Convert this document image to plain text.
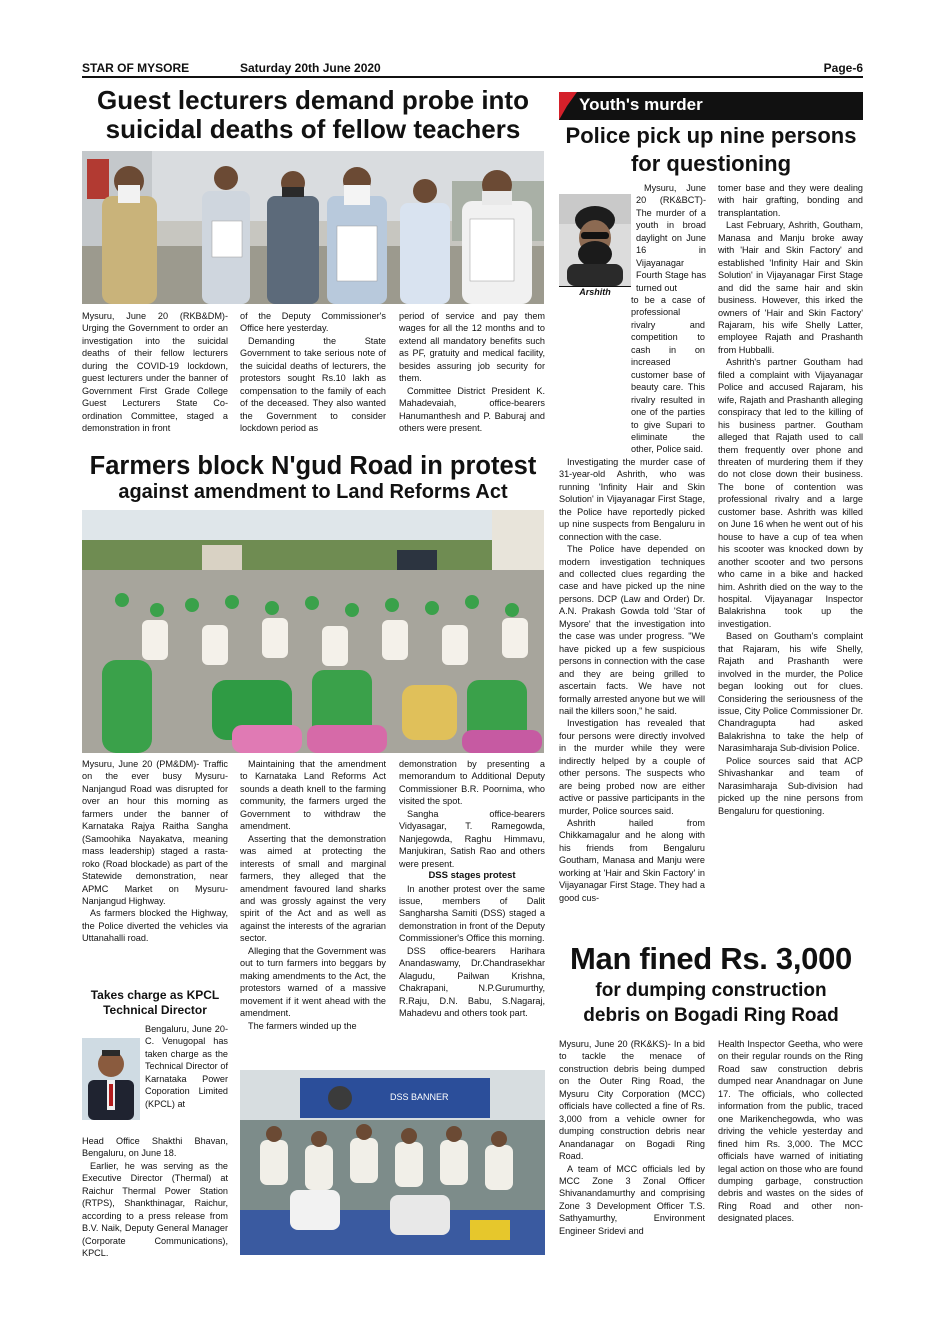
STAR OF MYSORE	Saturday 20th June 2020	Page-6
Guest lecturers demand probe into
suicidal deaths of fellow teachers

Mysuru, June 20 (RKB&DM)- Urging the Government to order an investigation into the suicidal deaths of their fellow lecturers during the COVID-19 lockdown, guest lecturers under the banner of Government First Grade College Guest Lecturers State Co-ordination Committee, staged a demonstration in front

of the Deputy Commissioner's Office here yesterday.

Demanding the State Government to take serious note of the suicidal deaths of lecturers, the protestors sought Rs.10 lakh as compensation to the family of each of the deceased. They also wanted the Government to consider lockdown period as

period of service and pay them wages for all the 12 months and to extend all mandatory benefits such as PF, gratuity and medical facility, besides assuring job security for them.

Committee District President K. Mahadevaiah, office-bearers Hanumanthesh and P. Baburaj and others were present.

Farmers block N'gud Road in protest
against amendment to Land Reforms Act

Mysuru, June 20 (PM&DM)- Traffic on the ever busy Mysuru-Nanjangud Road was disrupted for over an hour this morning as farmers under the banner of Karnataka Rajya Raitha Sangha (Samoohika Nayakatva, meaning mass leadership) staged a rasta-roko (Road blockade) as part of the Statewide demonstration, near APMC Market on Mysuru-Nanjangud Highway.

As farmers blocked the Highway, the Police diverted the vehicles via Uttanahalli road.

Maintaining that the amendment to Karnataka Land Reforms Act sounds a death knell to the farming community, the farmers urged the Government to withdraw the amendment.

Asserting that the demonstration was aimed at protecting the interests of small and marginal farmers, they alleged that the amendment favoured land sharks and was grossly against the very spirit of the Act and as well as against the interests of the agrarian sector.

Alleging that the Government was out to turn farmers into beggars by making amendments to the Act, the protestors warned of a massive movement if it went ahead with the amendment.

The farmers winded up the

demonstration by presenting a memorandum to Additional Deputy Commissioner B.R. Poornima, who visited the spot.

Sangha office-bearers Vidyasagar, T. Ramegowda, Nanjegowda, Raghu Himmavu, Manjukiran, Satish Rao and others were present.

DSS stages protest

In another protest over the same issue, members of Dalit Sangharsha Samiti (DSS) staged a demonstration in front of the Deputy Commissioner's Office this morning.

DSS office-bearers Harihara Anandaswamy, Dr.Chandrasekhar Alagudu, Pailwan Krishna, Chakrapani, N.P.Gurumurthy, R.Raju, D.N. Babu, S.Nagaraj, Mahadevu and others took part.

DSS BANNER
Takes charge as KPCL
Technical Director

Bengaluru, June 20- C. Venugopal has taken charge as the Technical Director of Karnataka Power Coporation Limited (KPCL) at

Head Office Shakthi Bhavan, Bengaluru, on June 18.

Earlier, he was serving as the Executive Director (Thermal) at Raichur Thermal Power Station (RTPS), Shankthinagar, Raichur, according to a press release from B.V. Naik, Deputy General Manager (Corporate Communications), KPCL.

Youth's murder
Police pick up nine persons
for questioning
Arshith

Mysuru, June 20 (RK&BCT)- The murder of a youth in broad daylight on June 16 in Vijayanagar Fourth Stage has turned out

to be a case of professional rivalry and competition to cash in on increased customer base of beauty care. This rivalry resulted in one of the parties to give Supari to eliminate the other, Police said.

Investigating the murder case of 31-year-old Ashrith, who was running 'Infinity Hair and Skin Solution' in Vijayanagar First Stage, the Police have reportedly picked up nine suspects from Bengaluru in connection with the case.

The Police have depended on modern investigation techniques and collected clues regarding the case and have picked up the nine persons. DCP (Law and Order) Dr. A.N. Prakash Gowda told 'Star of Mysore' that the investigation into the case was under progress. "We have picked up a few suspicious persons in connection with the case and they are being grilled to ascertain facts. We have not formally arrested anyone but we will nail the killers soon," he said.

Investigation has revealed that four persons were directly involved in the murder while they were indirectly helped by a couple of other persons. The suspects who are being probed now are either active or passive participants in the murder, Police sources said.

Ashrith hailed from Chikkamagalur and he along with his friends from Bengaluru Goutham, Manasa and Manju were working at 'Hair and Skin Factory' in Vijayanagar First Stage. They had a good cus-

tomer base and they were dealing with hair grafting, bonding and transplantation.

Last February, Ashrith, Goutham, Manasa and Manju broke away with 'Hair and Skin Factory' and established 'Infinity Hair and Skin Solution' in Vijayanagar First Stage and did the same hair and skin business. However, this irked the owners of 'Hair and Skin Factory' Rajaram, his wife Shelly Latter, employee Rajath and Prashanth from Hubballi.

Ashrith's partner Goutham had filed a complaint with Vijayanagar Police and accused Rajaram, his wife, Rajath and Prashanth alleging conspiracy that led to the killing of his business partner. Goutham alleged that Rajath used to call them frequently over phone and threaten of murdering them if they do not close down their business. The bone of contention was professional rivalry and a large customer base. Ashrith was killed on June 16 when he went out of his house to have a cup of tea when his scooter was knocked down by another scooter and two persons who came in a bike and hacked him. Ashrith died on the way to the hospital. Vijayanagar Inspector Balakrishna took up the investigation.

Based on Goutham's complaint that Rajaram, his wife Shelly, Rajath and Prashanth were involved in the murder, the Police began looking out for clues. Considering the seriousness of the issue, City Police Commissioner Dr. Chandragupta had asked Balakrishna to take the help of Narasimharaja Sub-division Police.

Police sources said that ACP Shivashankar and team of Narasimharaja Sub-division had picked up the nine persons from Bengaluru for questioning.

Man fined Rs. 3,000
for dumping construction
debris on Bogadi Ring Road

Mysuru, June 20 (RK&KS)- In a bid to tackle the menace of construction debris being dumped on the Outer Ring Road, the Mysuru City Corporation (MCC) officials have collected a fine of Rs. 3,000 from a vehicle owner for dumping construction debris near Anandanagar on Bogadi Ring Road.

A team of MCC officials led by MCC Zone 3 Zonal Officer Shivanandamurthy and comprising Zone 3 Development Officer T.S. Sathyamurthy, Environment Engineer Sridevi and

Health Inspector Geetha, who were on their regular rounds on the Ring Road saw construction debris dumped near Anandnagar on June 17. The officials, who collected information from the public, traced one Marikenchegowda, who was driving the vehicle yesterday and fined him Rs. 3,000. The MCC officials have warned of initiating legal action on those who are found dumping garbage, construction debris and wastes on the sides of Ring Road and other non-designated places.
